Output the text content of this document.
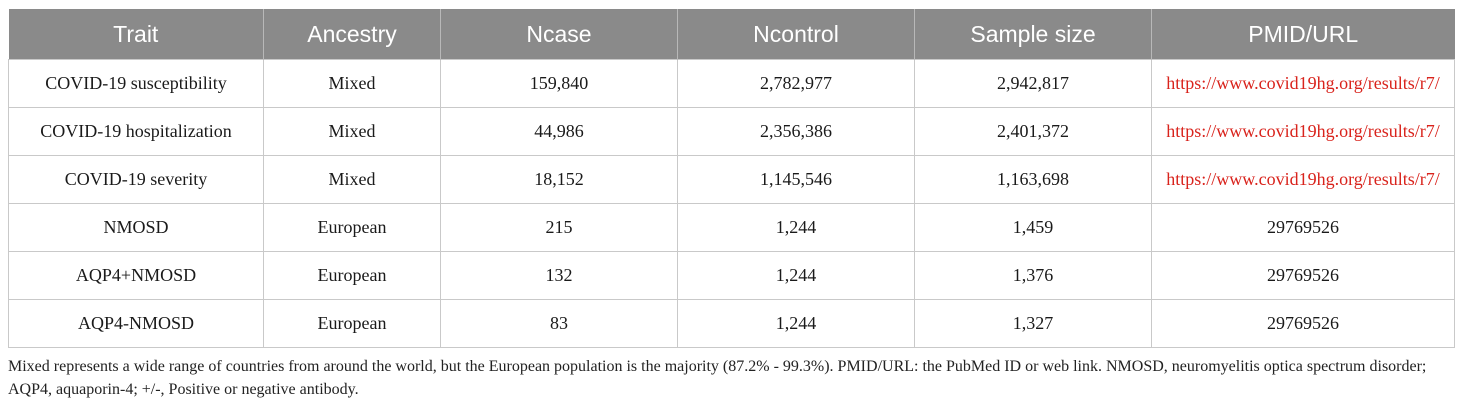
Trait	Ancestry	Ncase	Ncontrol	Sample size	PMID/URL
COVID-19 susceptibility	Mixed	159,840	2,782,977	2,942,817	https://www.covid19hg.org/results/r7/
COVID-19 hospitalization	Mixed	44,986	2,356,386	2,401,372	https://www.covid19hg.org/results/r7/
COVID-19 severity	Mixed	18,152	1,145,546	1,163,698	https://www.covid19hg.org/results/r7/
NMOSD	European	215	1,244	1,459	29769526
AQP4+NMOSD	European	132	1,244	1,376	29769526
AQP4-NMOSD	European	83	1,244	1,327	29769526
Mixed represents a wide range of countries from around the world, but the European population is the majority (87.2% - 99.3%). PMID/URL: the PubMed ID or web link. NMOSD, neuromyelitis optica spectrum disorder; AQP4, aquaporin-4; +/-, Positive or negative antibody.
